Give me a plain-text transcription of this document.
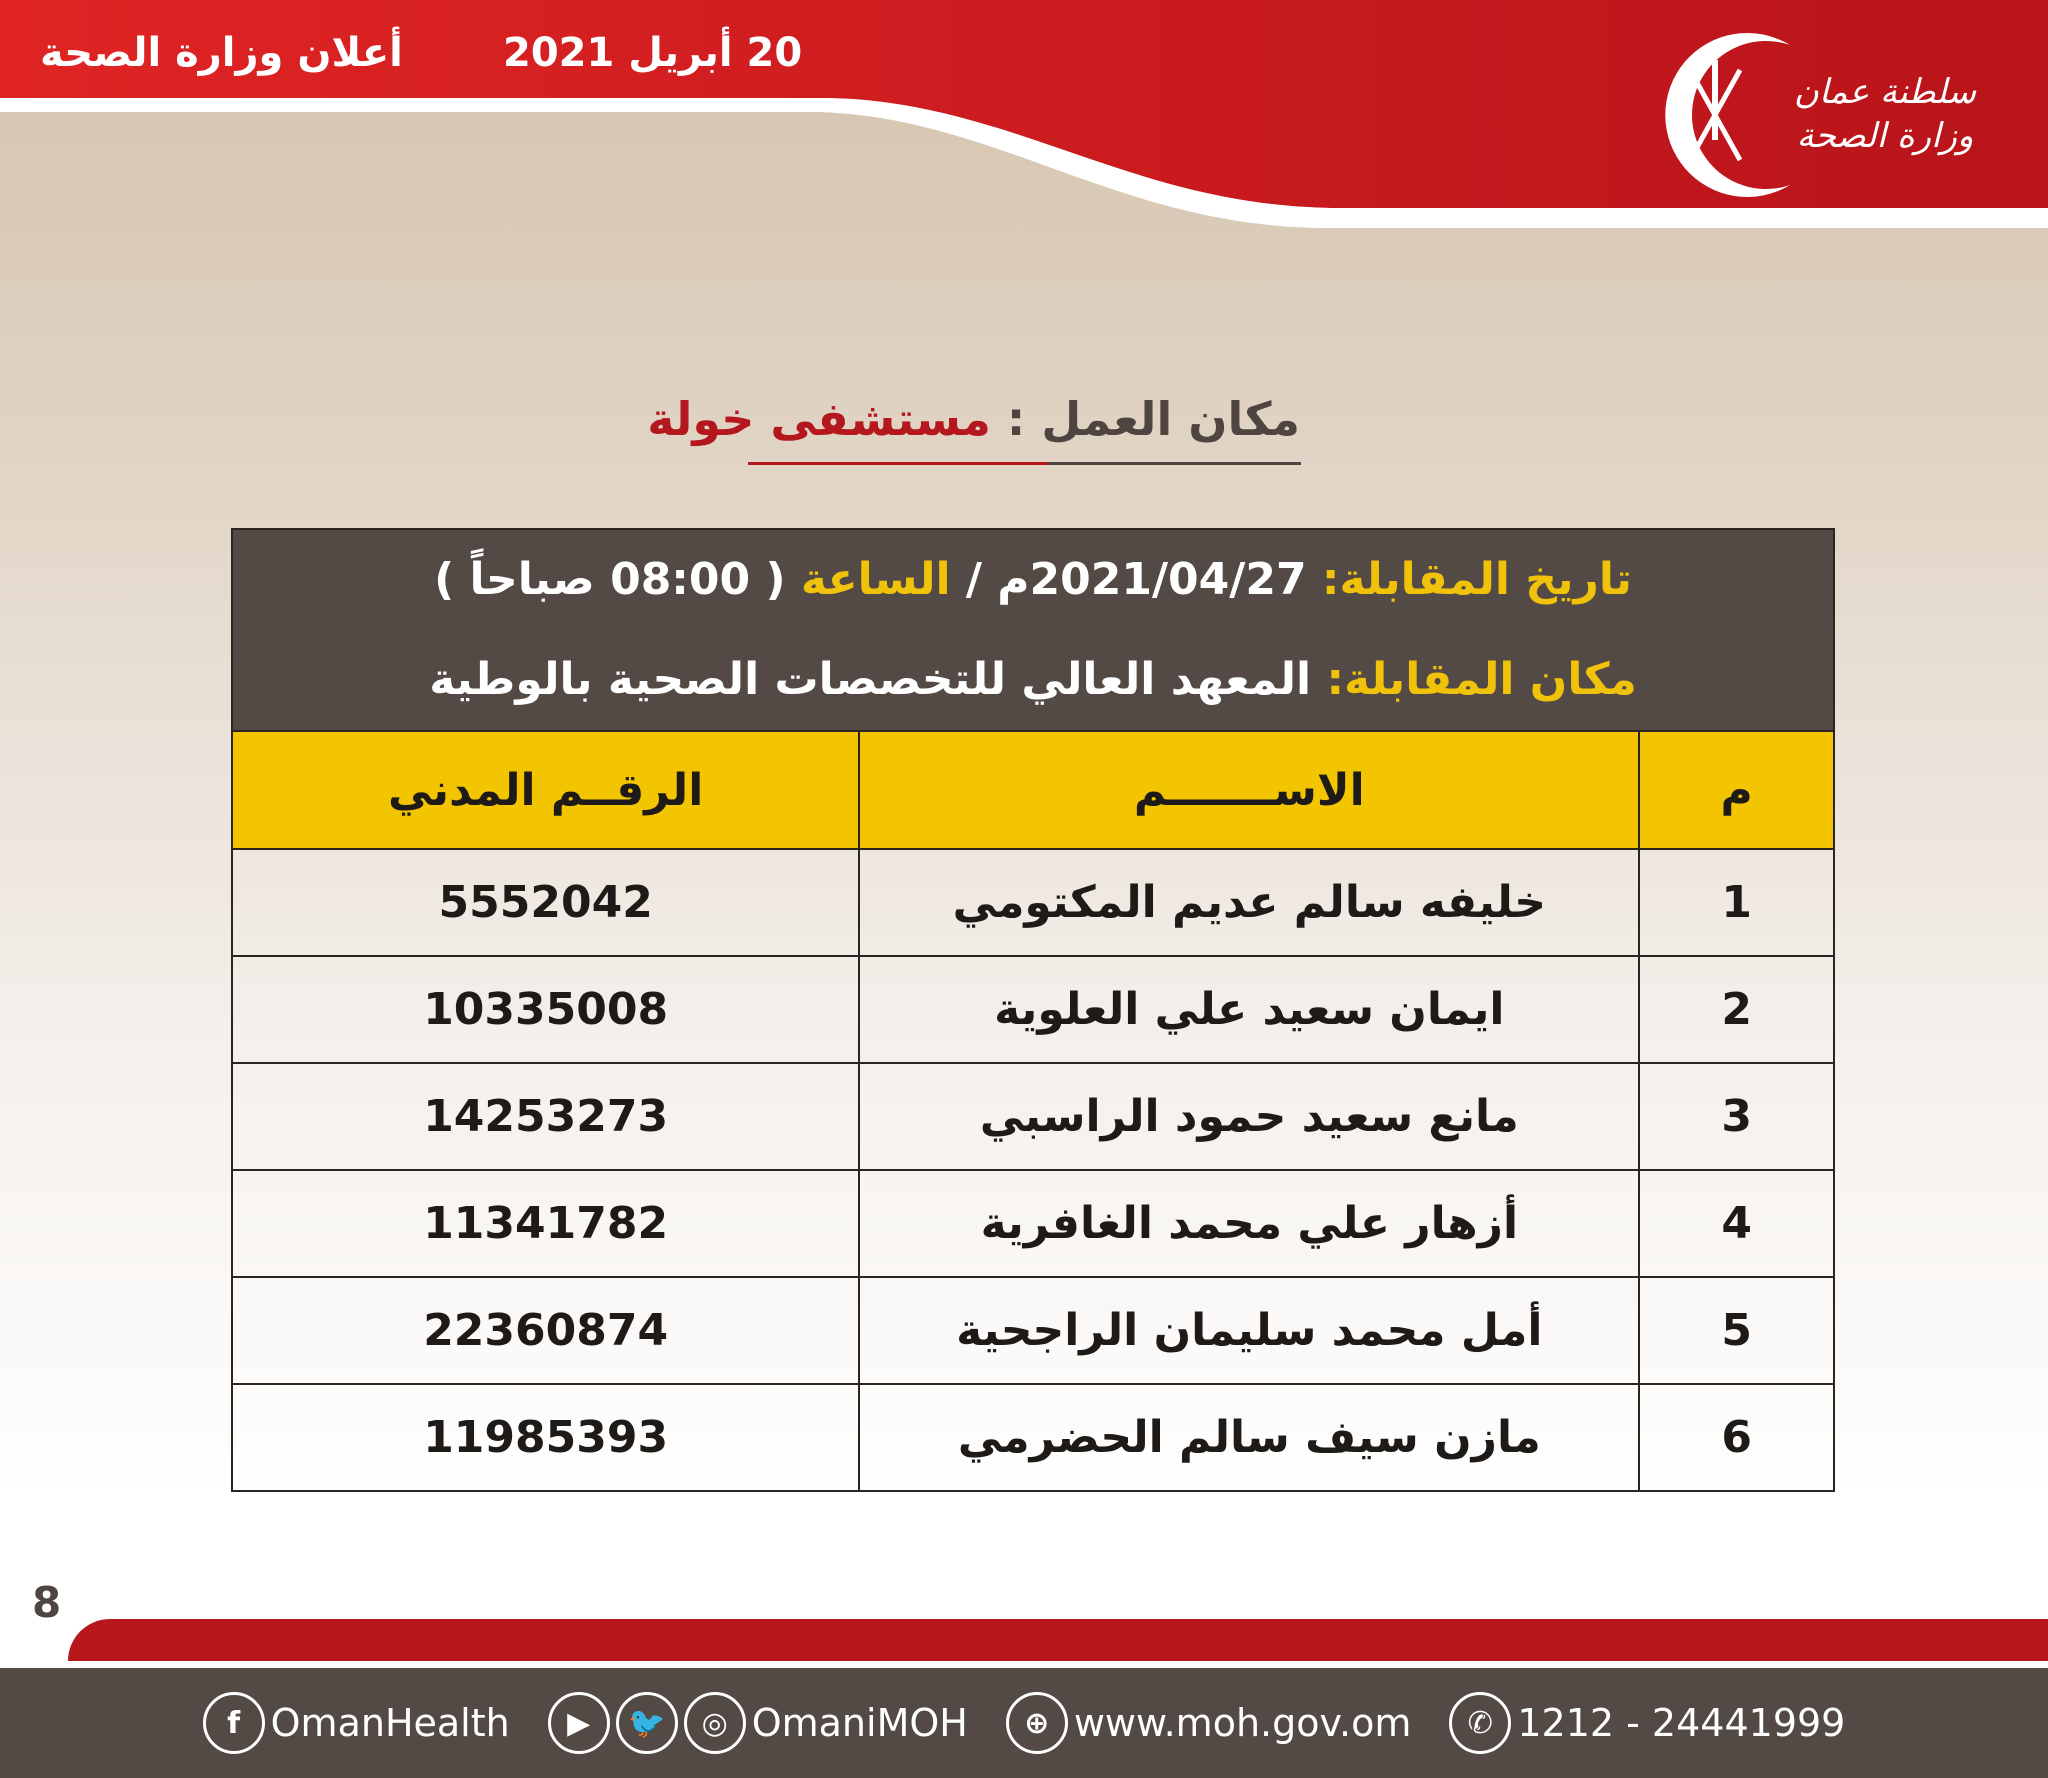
سلطنة عمان
وزارة الصحة
أعلان وزارة الصحة	20 أبريل 2021
مكان العمل : مستشفى خولة
تاريخ المقابلة: 2021/04/27م / الساعة ( 08:00 صباحاً )
مكان المقابلة: المعهد العالي للتخصصات الصحية بالوطية		

م	الاســـــــم	الرقــم المدني
1	خليفه سالم عديم المكتومي	5552042
2	ايمان سعيد علي العلوية	10335008
3	مانع سعيد حمود الراسبي	14253273
4	أزهار علي محمد الغافرية	11341782
5	أمل محمد سليمان الراجحية	22360874
6	مازن سيف سالم الحضرمي	11985393
8
f OmanHealth	▶	🐦	◎ OmaniMOH	⊕ www.moh.gov.om	✆ 1212 - 24441999
